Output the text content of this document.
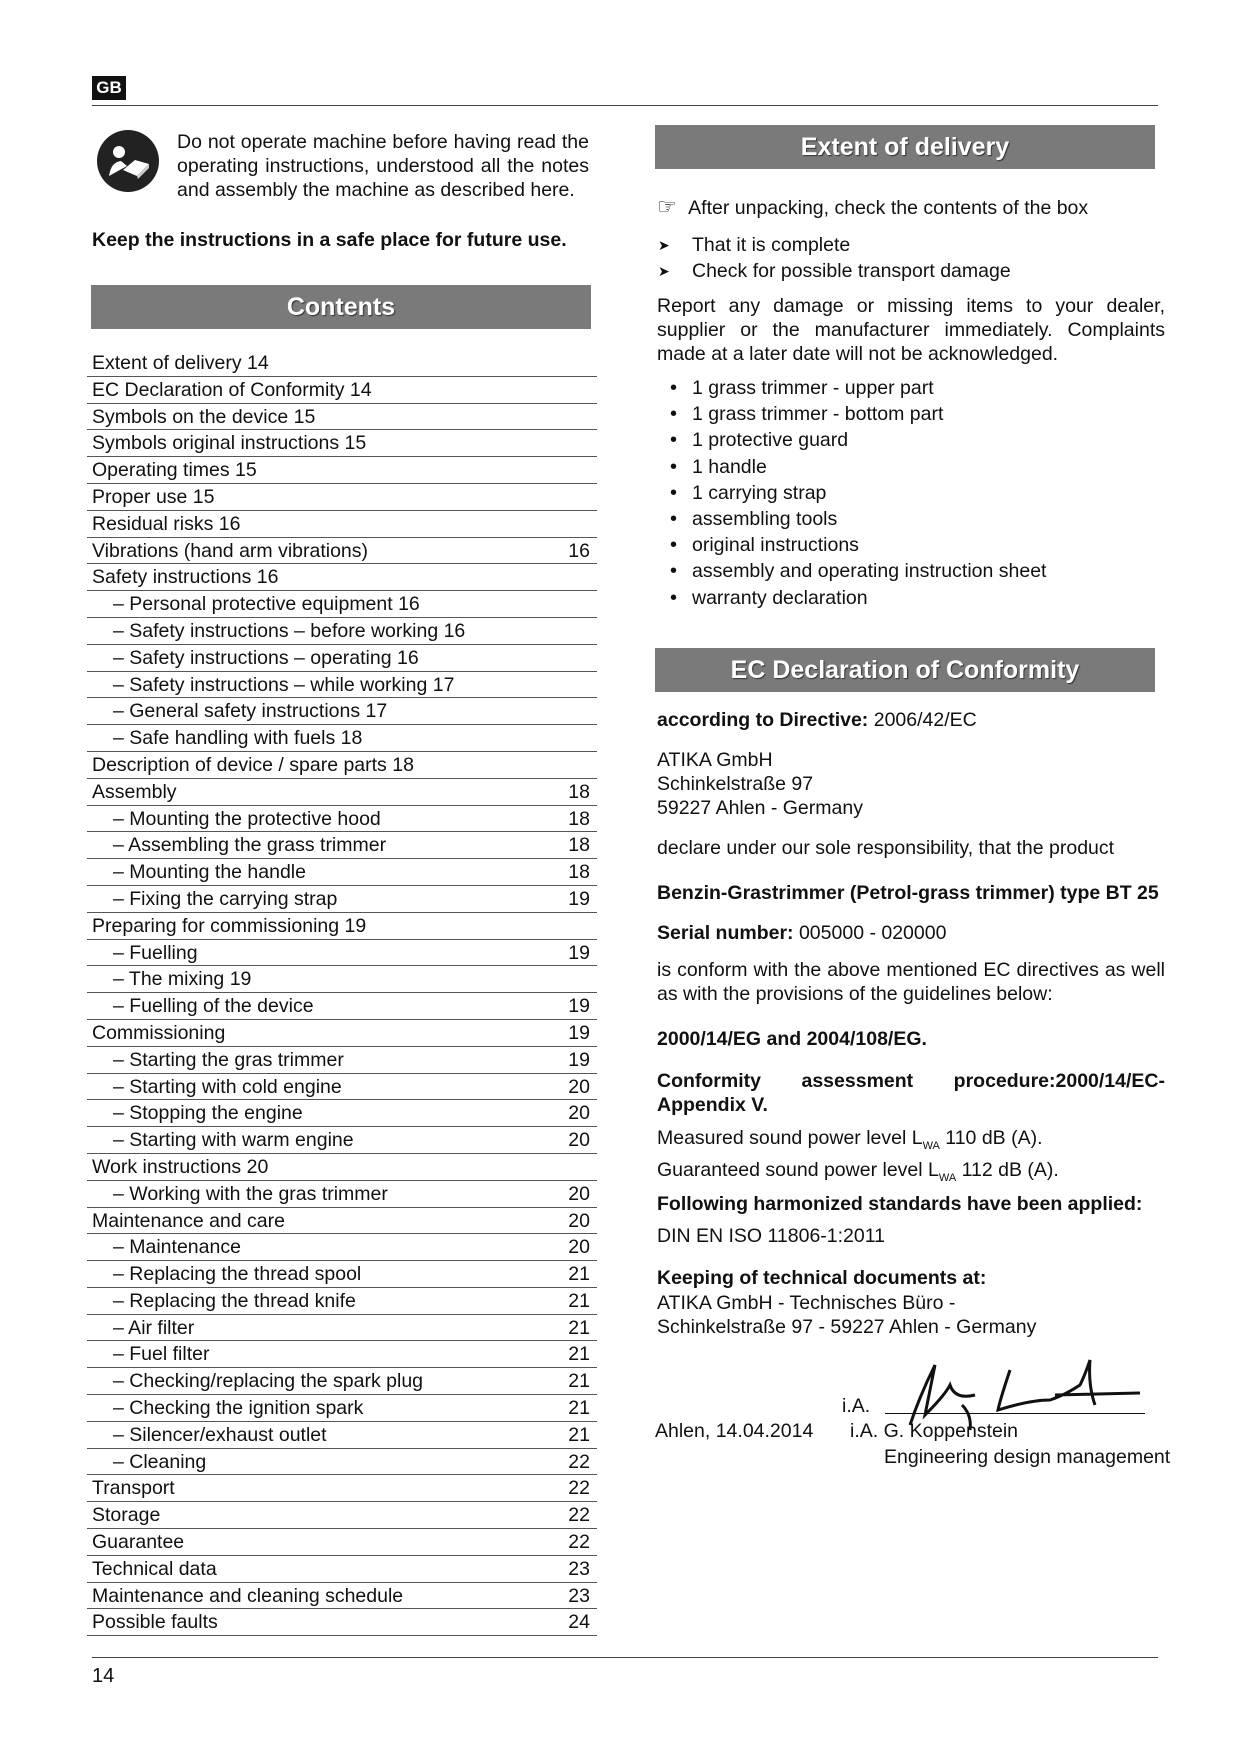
GB
Do not operate machine before having read the operating instructions, understood all the notes and assembly the machine as described here.
Keep the instructions in a safe place for future use.
Contents
Extent of delivery 14
EC Declaration of Conformity 14
Symbols on the device 15
Symbols original instructions 15
Operating times 15
Proper use 15
Residual risks 16
Vibrations (hand arm vibrations)	16
Safety instructions 16
– Personal protective equipment 16
– Safety instructions – before working 16
– Safety instructions – operating 16
– Safety instructions – while working 17
– General safety instructions 17
– Safe handling with fuels 18
Description of device / spare parts 18
Assembly	18
– Mounting the protective hood	18
– Assembling the grass trimmer	18
– Mounting the handle	18
– Fixing the carrying strap	19
Preparing for commissioning 19
– Fuelling	19
– The mixing 19
– Fuelling of the device	19
Commissioning	19
– Starting the gras trimmer	19
– Starting with cold engine	20
– Stopping the engine	20
– Starting with warm engine	20
Work instructions 20
– Working with the gras trimmer	20
Maintenance and care	20
– Maintenance	20
– Replacing the thread spool	21
– Replacing the thread knife	21
– Air filter	21
– Fuel filter	21
– Checking/replacing the spark plug	21
– Checking the ignition spark	21
– Silencer/exhaust outlet	21
– Cleaning	22
Transport	22
Storage	22
Guarantee	22
Technical data	23
Maintenance and cleaning schedule	23
Possible faults	24
Extent of delivery
☞ After unpacking, check the contents of the box
➤ That it is complete
➤ Check for possible transport damage
Report any damage or missing items to your dealer, supplier or the manufacturer immediately. Complaints made at a later date will not be acknowledged.
• 1 grass trimmer - upper part
• 1 grass trimmer - bottom part
• 1 protective guard
• 1 handle
• 1 carrying strap
• assembling tools
• original instructions
• assembly and operating instruction sheet
• warranty declaration
EC Declaration of Conformity
according to Directive: 2006/42/EC
ATIKA GmbH
Schinkelstraße 97
59227 Ahlen - Germany
declare under our sole responsibility, that the product
Benzin-Grastrimmer (Petrol-grass trimmer) type BT 25
Serial number: 005000 - 020000
is conform with the above mentioned EC directives as well as with the provisions of the guidelines below:
2000/14/EG and 2004/108/EG.
Conformity assessment procedure:2000/14/EC-Appendix V.
Measured sound power level $L_{WA}$ 110 dB (A).
Guaranteed sound power level $L_{WA}$ 112 dB (A).
Following harmonized standards have been applied:
DIN EN ISO 11806-1:2011
Keeping of technical documents at:
ATIKA GmbH - Technisches Büro -
Schinkelstraße 97 - 59227 Ahlen - Germany
i.A.
Ahlen, 14.04.2014 i.A. G. Koppenstein
Engineering design management
14
